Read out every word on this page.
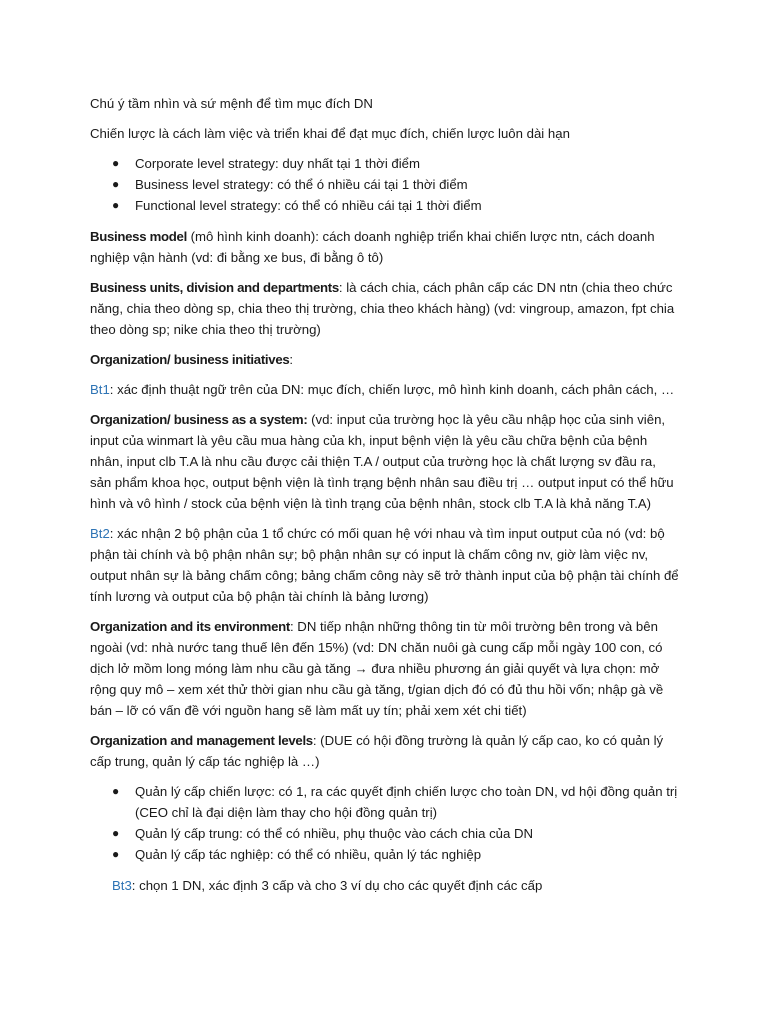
Chú ý tầm nhìn và sứ mệnh để tìm mục đích DN

Chiến lược là cách làm việc và triển khai để đạt mục đích, chiến lược luôn dài hạn

● Corporate level strategy: duy nhất tại 1 thời điểm
● Business level strategy: có thể ó nhiều cái tại 1 thời điểm
● Functional level strategy: có thể có nhiều cái tại 1 thời điểm

Business model (mô hình kinh doanh): cách doanh nghiệp triển khai chiến lược ntn, cách doanh nghiệp vận hành (vd: đi bằng xe bus, đi bằng ô tô)

Business units, division and departments: là cách chia, cách phân cấp các DN ntn (chia theo chức năng, chia theo dòng sp, chia theo thị trường, chia theo khách hàng) (vd: vingroup, amazon, fpt chia theo dòng sp; nike chia theo thị trường)

Organization/ business initiatives:

Bt1: xác định thuật ngữ trên của DN: mục đích, chiến lược, mô hình kinh doanh, cách phân cách, …

Organization/ business as a system: (vd: input của trường học là yêu cầu nhập học của sinh viên, input của winmart là yêu cầu mua hàng của kh, input bệnh viện là yêu cầu chữa bệnh của bệnh nhân, input clb T.A là nhu cầu được cải thiện T.A / output của trường học là chất lượng sv đầu ra, sản phẩm khoa học, output bệnh viện là tình trạng bệnh nhân sau điều trị … output input có thể hữu hình và vô hình / stock của bệnh viện là tình trạng của bệnh nhân, stock clb T.A là khả năng T.A)

Bt2: xác nhận 2 bộ phận của 1 tổ chức có mối quan hệ với nhau và tìm input output của nó (vd: bộ phận tài chính và bộ phận nhân sự; bộ phận nhân sự có input là chấm công nv, giờ làm việc nv, output nhân sự là bảng chấm công; bảng chấm công này sẽ trở thành input của bộ phận tài chính để tính lương và output của bộ phận tài chính là bảng lương)

Organization and its environment: DN tiếp nhận những thông tin từ môi trường bên trong và bên ngoài (vd: nhà nước tang thuế lên đến 15%) (vd: DN chăn nuôi gà cung cấp mỗi ngày 100 con, có dịch lở mồm long móng làm nhu cầu gà tăng → đưa nhiều phương án giải quyết và lựa chọn: mở rộng quy mô – xem xét thử thời gian nhu cầu gà tăng, t/gian dịch đó có đủ thu hồi vốn; nhập gà về bán – lỡ có vấn đề với nguồn hang sẽ làm mất uy tín; phải xem xét chi tiết)

Organization and management levels: (DUE có hội đồng trường là quản lý cấp cao, ko có quản lý cấp trung, quản lý cấp tác nghiệp là …)

● Quản lý cấp chiến lược: có 1, ra các quyết định chiến lược cho toàn DN, vd hội đồng quản trị (CEO chỉ là đại diện làm thay cho hội đồng quản trị)
● Quản lý cấp trung: có thể có nhiều, phụ thuộc vào cách chia của DN
● Quản lý cấp tác nghiệp: có thể có nhiều, quản lý tác nghiệp

Bt3: chọn 1 DN, xác định 3 cấp và cho 3 ví dụ cho các quyết định các cấp
